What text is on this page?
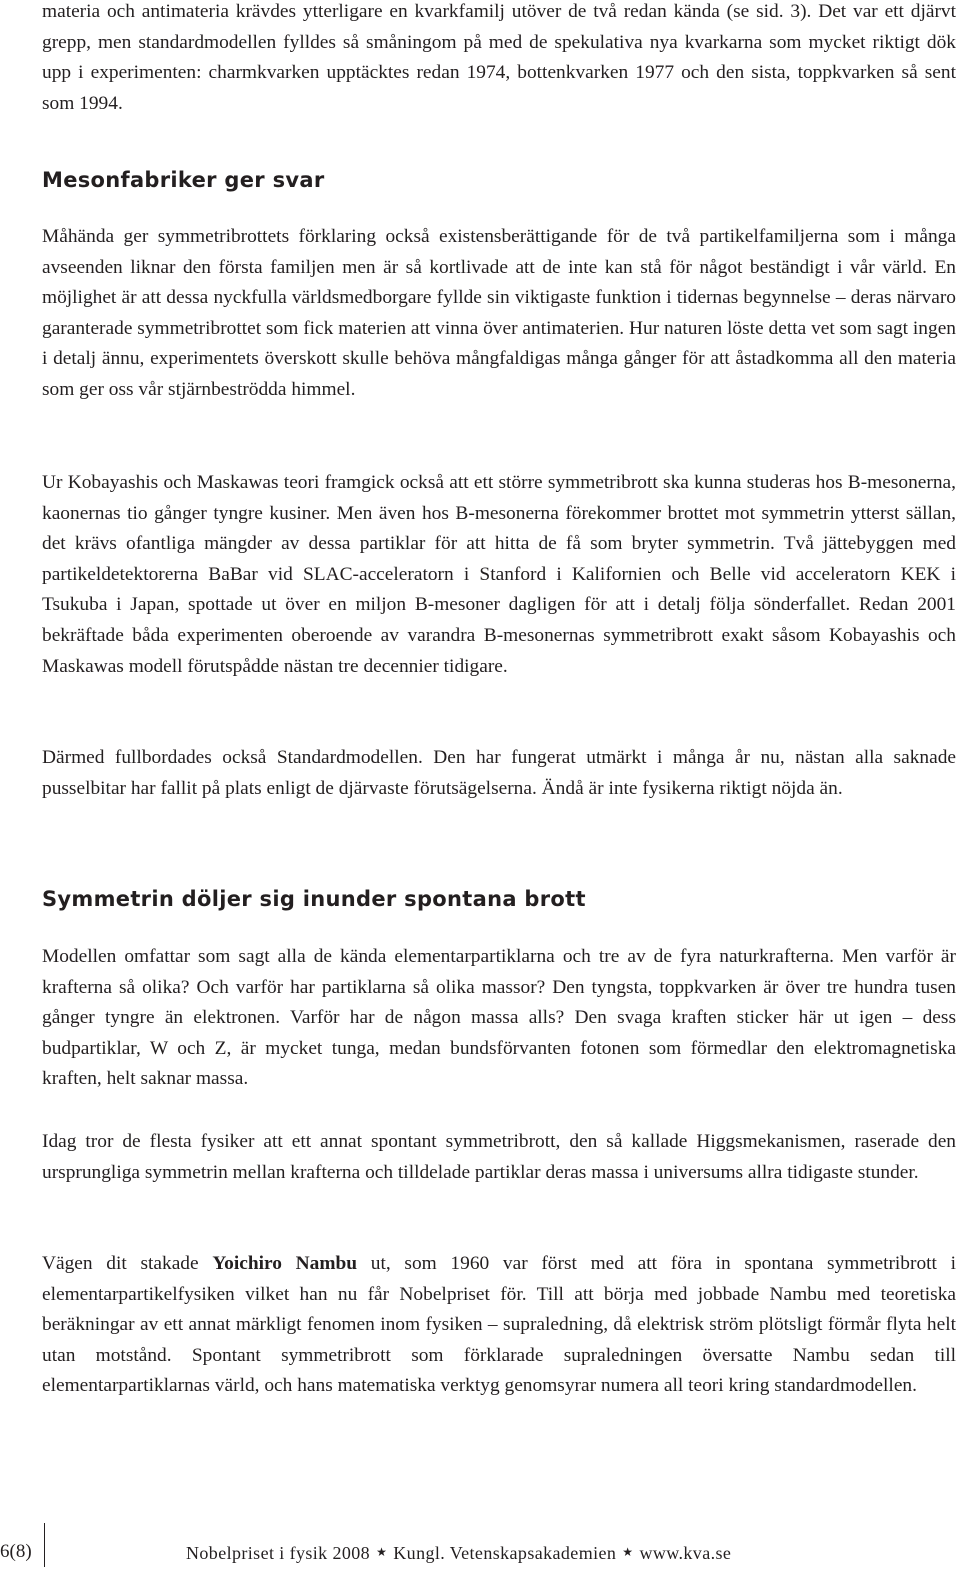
materia och antimateria krävdes ytterligare en kvarkfamilj utöver de två redan kända (se sid. 3). Det var ett djärvt grepp, men standardmodellen fylldes så småningom på med de spekulativa nya kvarkarna som mycket riktigt dök upp i experimenten: charmkvarken upptäcktes redan 1974, bottenkvarken 1977 och den sista, toppkvarken så sent som 1994.

Mesonfabriker ger svar

Måhända ger symmetribrottets förklaring också existensberättigande för de två partikelfamiljerna som i många avseenden liknar den första familjen men är så kortlivade att de inte kan stå för något beständigt i vår värld. En möjlighet är att dessa nyckfulla världsmedborgare fyllde sin viktigaste funktion i tidernas begynnelse – deras närvaro garanterade symmetribrottet som fick materien att vinna över antimaterien. Hur naturen löste detta vet som sagt ingen i detalj ännu, experimentets överskott skulle behöva mångfaldigas många gånger för att åstadkomma all den materia som ger oss vår stjärnbeströdda himmel.

Ur Kobayashis och Maskawas teori framgick också att ett större symmetribrott ska kunna studeras hos B-mesonerna, kaonernas tio gånger tyngre kusiner. Men även hos B-mesonerna förekommer brottet mot symmetrin ytterst sällan, det krävs ofantliga mängder av dessa partiklar för att hitta de få som bryter symmetrin. Två jättebyggen med partikeldetektorerna BaBar vid SLAC-acceleratorn i Stanford i Kalifornien och Belle vid acceleratorn KEK i Tsukuba i Japan, spottade ut över en miljon B-mesoner dagligen för att i detalj följa sönderfallet. Redan 2001 bekräftade båda experimenten oberoende av varandra B-mesonernas symmetribrott exakt såsom Kobayashis och Maskawas modell förutspådde nästan tre decennier tidigare.

Därmed fullbordades också Standardmodellen. Den har fungerat utmärkt i många år nu, nästan alla saknade pusselbitar har fallit på plats enligt de djärvaste förutsägelserna. Ändå är inte fysikerna riktigt nöjda än.

Symmetrin döljer sig inunder spontana brott

Modellen omfattar som sagt alla de kända elementarpartiklarna och tre av de fyra naturkrafterna. Men varför är krafterna så olika? Och varför har partiklarna så olika massor? Den tyngsta, toppkvarken är över tre hundra tusen gånger tyngre än elektronen. Varför har de någon massa alls? Den svaga kraften sticker här ut igen – dess budpartiklar, W och Z, är mycket tunga, medan bundsförvanten fotonen som förmedlar den elektromagnetiska kraften, helt saknar massa.

Idag tror de flesta fysiker att ett annat spontant symmetribrott, den så kallade Higgsmekanismen, raserade den ursprungliga symmetrin mellan krafterna och tilldelade partiklar deras massa i universums allra tidigaste stunder.

Vägen dit stakade Yoichiro Nambu ut, som 1960 var först med att föra in spontana symmetribrott i elementarpartikelfysiken vilket han nu får Nobelpriset för. Till att börja med jobbade Nambu med teoretiska beräkningar av ett annat märkligt fenomen inom fysiken – supraledning, då elektrisk ström plötsligt förmår flyta helt utan motstånd. Spontant symmetribrott som förklarade supraledningen översatte Nambu sedan till elementarpartiklarnas värld, och hans matematiska verktyg genomsyrar numera all teori kring standardmodellen.

6(8)	Nobelpriset i fysik 2008 ★ Kungl. Vetenskapsakademien ★ www.kva.se
